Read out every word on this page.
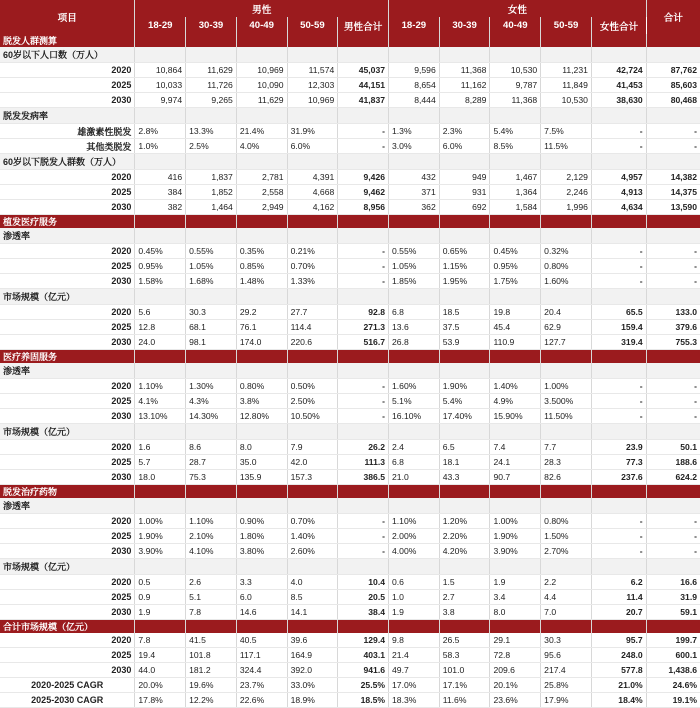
项目	男性					女性					合计
	18-29	30-39	40-49	50-59	男性合计	18-29	30-39	40-49	50-59	女性合计	
脱发人群测算											
60岁以下人口数（万人）											
2020	10,864	11,629	10,969	11,574	45,037	9,596	11,368	10,530	11,231	42,724	87,762
2025	10,033	11,726	10,090	12,303	44,151	8,654	11,162	9,787	11,849	41,453	85,603
2030	9,974	9,265	11,629	10,969	41,837	8,444	8,289	11,368	10,530	38,630	80,468
脱发发病率											
雄激素性脱发	2.8%	13.3%	21.4%	31.9%	-	1.3%	2.3%	5.4%	7.5%	-	-
其他类脱发	1.0%	2.5%	4.0%	6.0%	-	3.0%	6.0%	8.5%	11.5%	-	-
60岁以下脱发人群数（万人）											
2020	416	1,837	2,781	4,391	9,426	432	949	1,467	2,129	4,957	14,382
2025	384	1,852	2,558	4,668	9,462	371	931	1,364	2,246	4,913	14,375
2030	382	1,464	2,949	4,162	8,956	362	692	1,584	1,996	4,634	13,590
植发医疗服务											
渗透率											
2020	0.45%	0.55%	0.35%	0.21%	-	0.55%	0.65%	0.45%	0.32%	-	-
2025	0.95%	1.05%	0.85%	0.70%	-	1.05%	1.15%	0.95%	0.80%	-	-
2030	1.58%	1.68%	1.48%	1.33%	-	1.85%	1.95%	1.75%	1.60%	-	-
市场规模（亿元）											
2020	5.6	30.3	29.2	27.7	92.8	6.8	18.5	19.8	20.4	65.5	133.0
2025	12.8	68.1	76.1	114.4	271.3	13.6	37.5	45.4	62.9	159.4	379.6
2030	24.0	98.1	174.0	220.6	516.7	26.8	53.9	110.9	127.7	319.4	755.3
医疗养固服务											
渗透率											
2020	1.10%	1.30%	0.80%	0.50%	-	1.60%	1.90%	1.40%	1.00%	-	-
2025	4.1%	4.3%	3.8%	2.50%	-	5.1%	5.4%	4.9%	3.500%	-	-
2030	13.10%	14.30%	12.80%	10.50%	-	16.10%	17.40%	15.90%	11.50%	-	-
市场规模（亿元）											
2020	1.6	8.6	8.0	7.9	26.2	2.4	6.5	7.4	7.7	23.9	50.1
2025	5.7	28.7	35.0	42.0	111.3	6.8	18.1	24.1	28.3	77.3	188.6
2030	18.0	75.3	135.9	157.3	386.5	21.0	43.3	90.7	82.6	237.6	624.2
脱发治疗药物											
渗透率											
2020	1.00%	1.10%	0.90%	0.70%	-	1.10%	1.20%	1.00%	0.80%	-	-
2025	1.90%	2.10%	1.80%	1.40%	-	2.00%	2.20%	1.90%	1.50%	-	-
2030	3.90%	4.10%	3.80%	2.60%	-	4.00%	4.20%	3.90%	2.70%	-	-
市场规模（亿元）											
2020	0.5	2.6	3.3	4.0	10.4	0.6	1.5	1.9	2.2	6.2	16.6
2025	0.9	5.1	6.0	8.5	20.5	1.0	2.7	3.4	4.4	11.4	31.9
2030	1.9	7.8	14.6	14.1	38.4	1.9	3.8	8.0	7.0	20.7	59.1
合计市场规模（亿元）											
2020	7.8	41.5	40.5	39.6	129.4	9.8	26.5	29.1	30.3	95.7	199.7
2025	19.4	101.8	117.1	164.9	403.1	21.4	58.3	72.8	95.6	248.0	600.1
2030	44.0	181.2	324.4	392.0	941.6	49.7	101.0	209.6	217.4	577.8	1,438.6
2020-2025 CAGR	20.0%	19.6%	23.7%	33.0%	25.5%	17.0%	17.1%	20.1%	25.8%	21.0%	24.6%
2025-2030 CAGR	17.8%	12.2%	22.6%	18.9%	18.5%	18.3%	11.6%	23.6%	17.9%	18.4%	19.1%
